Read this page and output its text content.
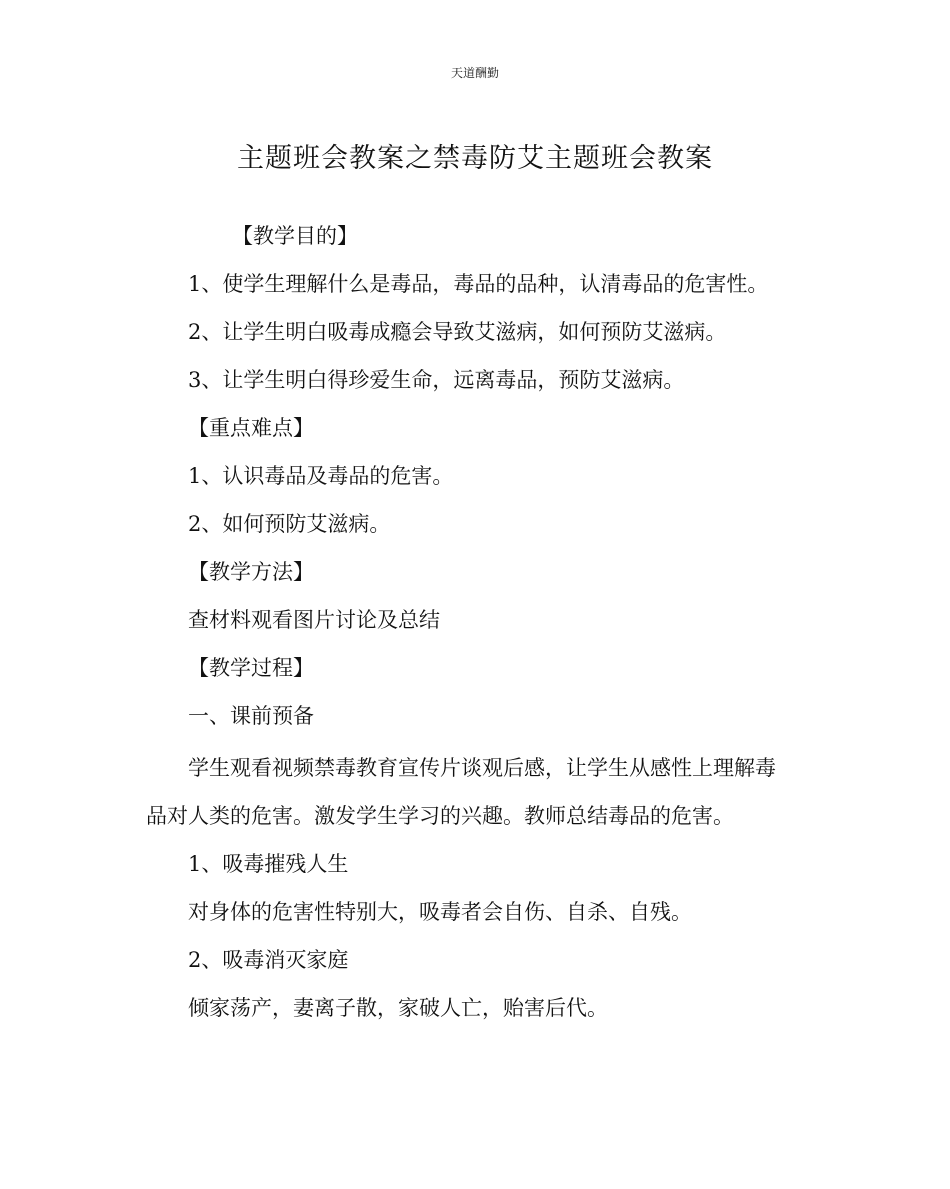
天道酬勤
主题班会教案之禁毒防艾主题班会教案
【教学目的】
1、使学生理解什么是毒品，毒品的品种，认清毒品的危害性。
2、让学生明白吸毒成瘾会导致艾滋病，如何预防艾滋病。
3、让学生明白得珍爱生命，远离毒品，预防艾滋病。
【重点难点】
1、认识毒品及毒品的危害。
2、如何预防艾滋病。
【教学方法】
查材料观看图片讨论及总结
【教学过程】
一、课前预备
学生观看视频禁毒教育宣传片谈观后感，让学生从感性上理解毒
品对人类的危害。激发学生学习的兴趣。教师总结毒品的危害。
1、吸毒摧残人生
对身体的危害性特别大，吸毒者会自伤、自杀、自残。
2、吸毒消灭家庭
倾家荡产，妻离子散，家破人亡，贻害后代。
